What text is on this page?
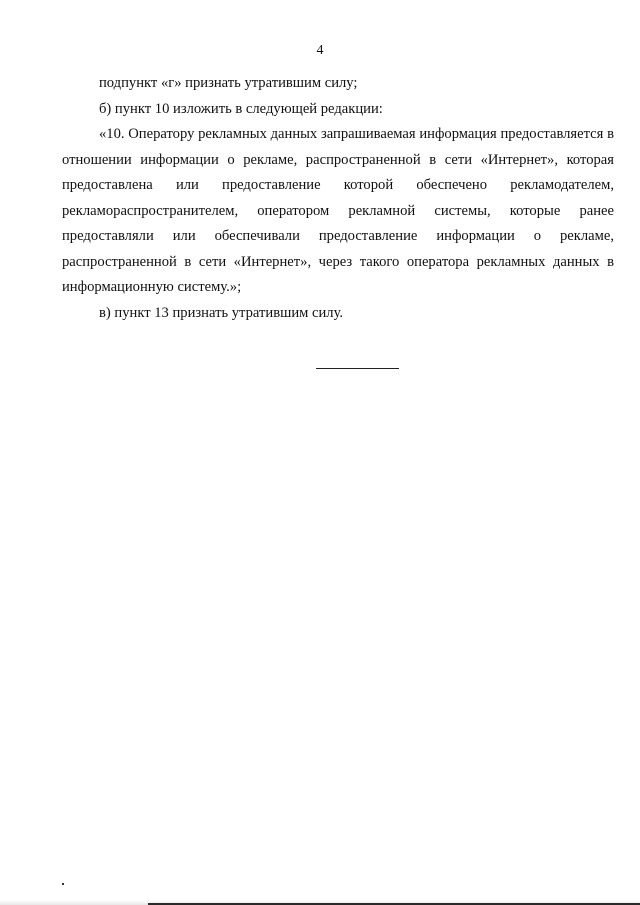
4

подпункт «г» признать утратившим силу;

б) пункт 10 изложить в следующей редакции:

«10. Оператору рекламных данных запрашиваемая информация предоставляется в отношении информации о рекламе, распространенной в сети «Интернет», которая предоставлена или предоставление которой обеспечено рекламодателем, рекламораспространителем, оператором рекламной системы, которые ранее предоставляли или обеспечивали предоставление информации о рекламе, распространенной в сети «Интернет», через такого оператора рекламных данных в информационную систему.»;

в) пункт 13 признать утратившим силу.
